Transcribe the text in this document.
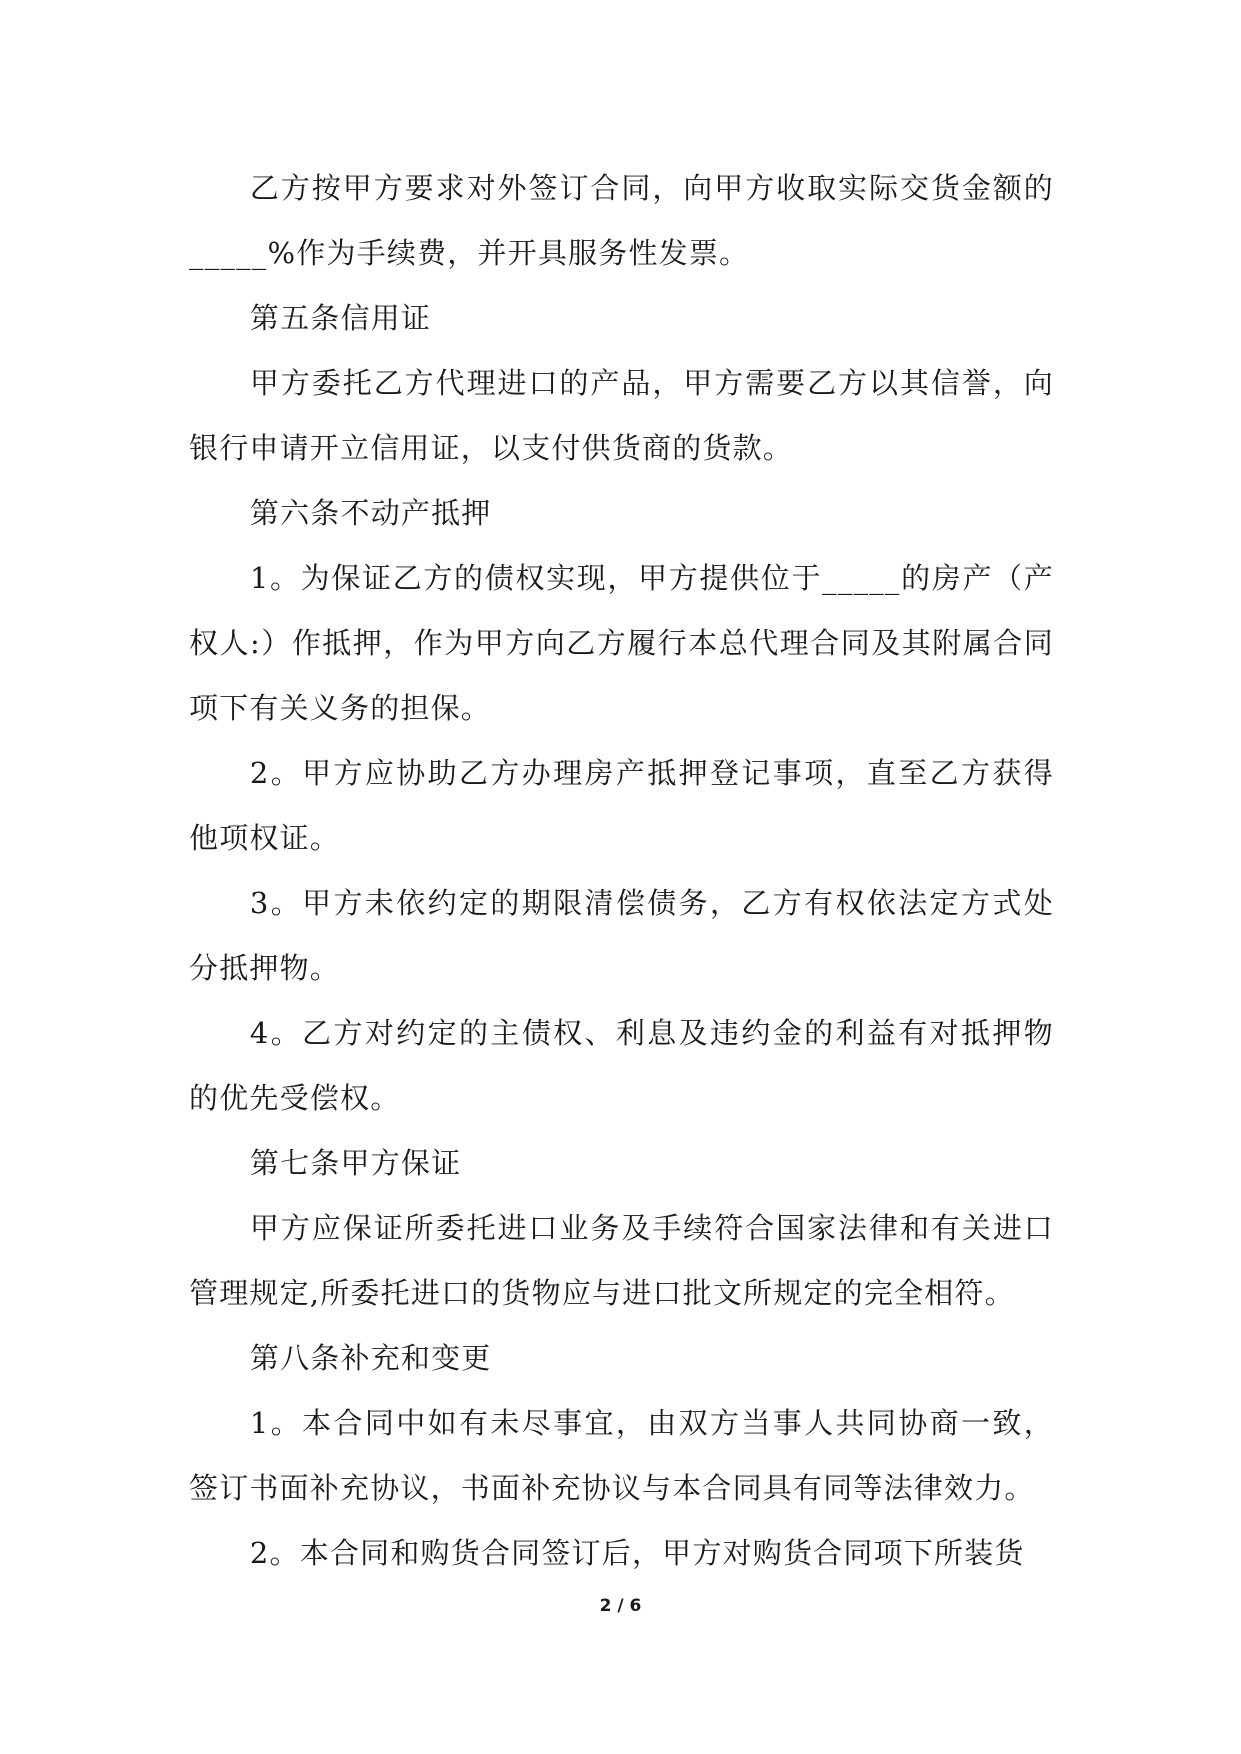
乙方按甲方要求对外签订合同，向甲方收取实际交货金额的_____%作为手续费，并开具服务性发票。

第五条信用证

甲方委托乙方代理进口的产品，甲方需要乙方以其信誉，向银行申请开立信用证，以支付供货商的货款。

第六条不动产抵押

1。为保证乙方的债权实现，甲方提供位于_____的房产（产权人:）作抵押，作为甲方向乙方履行本总代理合同及其附属合同项下有关义务的担保。

2。甲方应协助乙方办理房产抵押登记事项，直至乙方获得他项权证。

3。甲方未依约定的期限清偿债务，乙方有权依法定方式处分抵押物。

4。乙方对约定的主债权、利息及违约金的利益有对抵押物的优先受偿权。

第七条甲方保证

甲方应保证所委托进口业务及手续符合国家法律和有关进口管理规定,所委托进口的货物应与进口批文所规定的完全相符。

第八条补充和变更

1。本合同中如有未尽事宜，由双方当事人共同协商一致，签订书面补充协议，书面补充协议与本合同具有同等法律效力。

2。本合同和购货合同签订后，甲方对购货合同项下所装货

2 / 6
